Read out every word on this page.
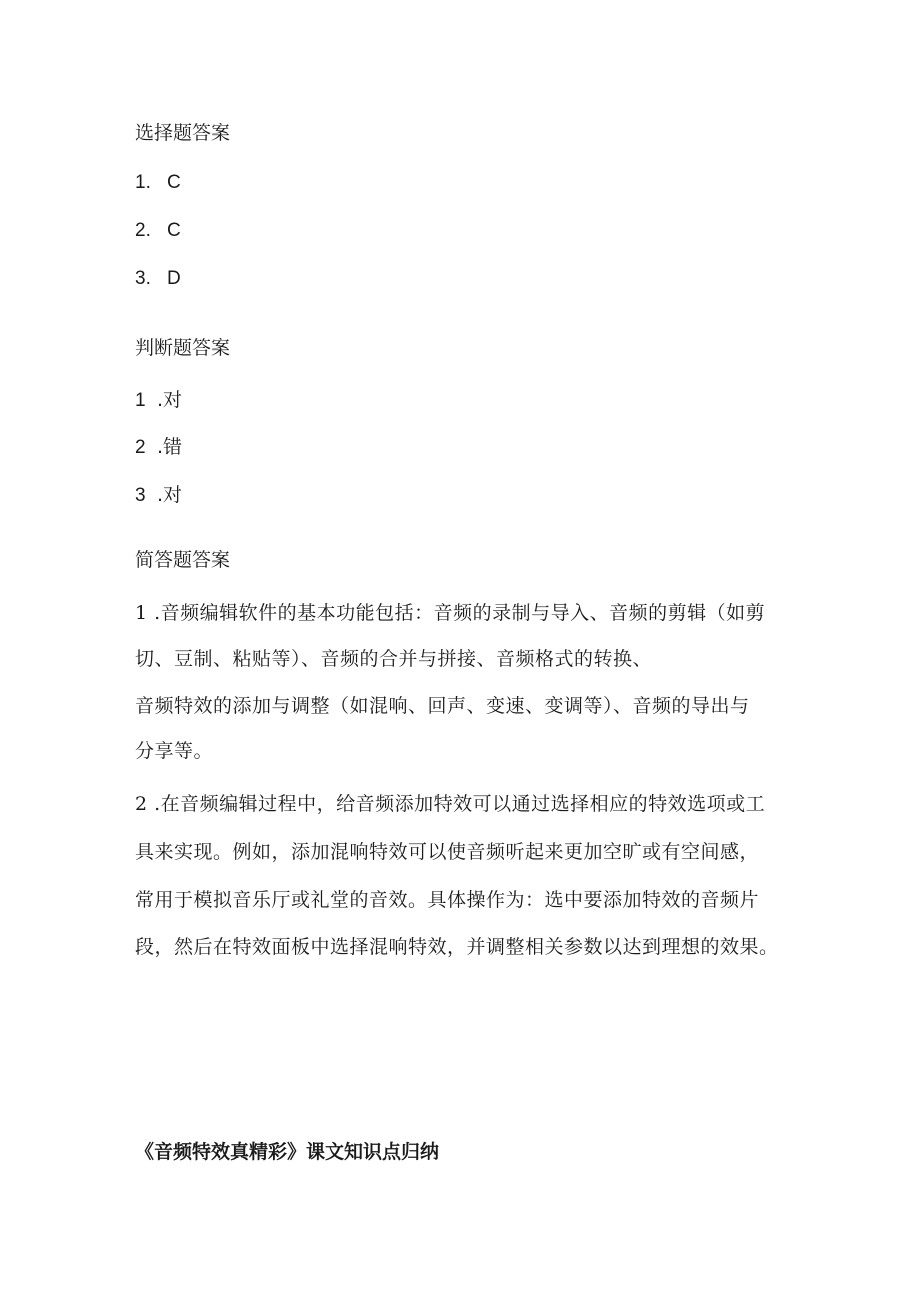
选择题答案
1. C
2. C
3. D
判断题答案
1 .对
2 .错
3 .对
简答题答案
1 .音频编辑软件的基本功能包括：音频的录制与导入、音频的剪辑（如剪
切、豆制、粘贴等）、音频的合并与拼接、音频格式的转换、
音频特效的添加与调整（如混响、回声、变速、变调等）、音频的导出与
分享等。
2 .在音频编辑过程中，给音频添加特效可以通过选择相应的特效选项或工
具来实现。例如，添加混响特效可以使音频听起来更加空旷或有空间感，
常用于模拟音乐厅或礼堂的音效。具体操作为：选中要添加特效的音频片
段，然后在特效面板中选择混响特效，并调整相关参数以达到理想的效果。
《音频特效真精彩》课文知识点归纳
